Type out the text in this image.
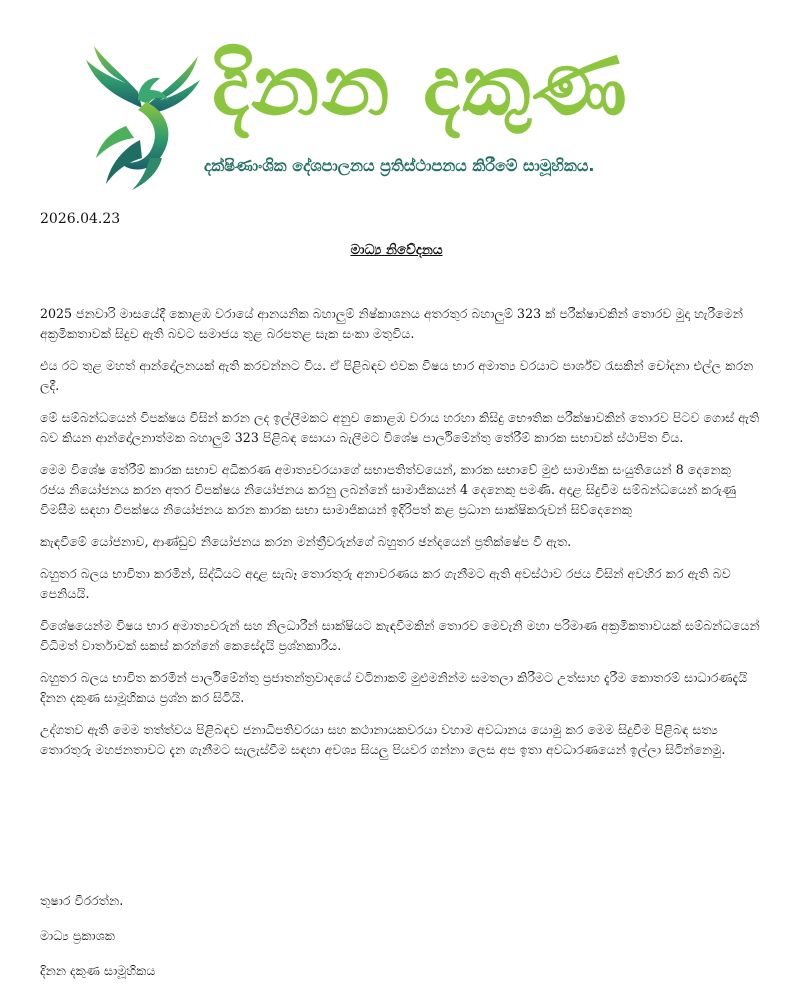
දිනන දකුණ
දක්ෂිණාංශික දේශපාලනය ප්‍රතිස්ථාපනය කිරීමේ සාමූහිකය.
2026.04.23
මාධ්‍ය නිවේදනය

2025 ජනවාරි මාසයේදී කොළඹ වරායේ ආනයනික බහාලුම් නිෂ්කාශනය අතරතුර බහාලුම් 323 ක් පරීක්ෂාවකින් තොරව මුදා හැරීමෙන් අක්‍රමිකතාවක් සිදුව ඇති බවට සමාජය තුළ බරපතළ සැක සංකා මතුවිය.

එය රට තුළ මහත් ආන්දෝලනයක් ඇති කරවන්නට විය. ඒ පිළිබඳව එවක විෂය භාර අමාත්‍ය වරයාට පාර්ශ්ව රැසකින් චෝදනා එල්ල කරන ලදී.

මේ සම්බන්ධයෙන් විපක්ෂය විසින් කරන ලද ඉල්ලීමකට අනුව කොළඹ වරාය හරහා කිසිදු භෞතික පරීක්ෂාවකින් තොරව පිටව ගොස් ඇති බව කියන ආන්දෝලනාත්මක බහාලුම් 323 පිළිබඳ සොයා බැලීමට විශේෂ පාර්ලිමේන්තු තේරීම් කාරක සභාවක් ස්ථාපිත විය.

මෙම විශේෂ තේරීම් කාරක සභාව අධිකරණ අමාත්‍යවරයාගේ සභාපතිත්වයෙන්, කාරක සභාවේ මුළු සාමාජික සංයුතියෙන් 8 දෙනෙකු රජය නියෝජනය කරන අතර විපක්ෂය නියෝජනය කරනු ලබන්නේ සාමාජිකයන් 4 දෙනෙකු පමණි. අදාළ සිදුවීම සම්බන්ධයෙන් කරුණු විමසීම සඳහා විපක්ෂය නියෝජනය කරන කාරක සභා සාමාජිකයන් ඉදිරිපත් කළ ප්‍රධාන සාක්ෂිකරුවන් සිව්දෙනෙකු

කැඳවීමේ යෝජනාව, ආණ්ඩුව නියෝජනය කරන මන්ත්‍රීවරුන්ගේ බහුතර ඡන්දයෙන් ප්‍රතික්ෂේප වී ඇත.

බහුතර බලය භාවිතා කරමින්, සිද්ධියට අදාළ සැබෑ තොරතුරු අනාවරණය කර ගැනීමට ඇති අවස්ථාව රජය විසින් අවහිර කර ඇති බව පෙනියයි.

විශේෂයෙන්ම විෂය භාර අමාත්‍යවරුන් සහ නිලධාරීන් සාක්ෂියට කැඳවීමකින් තොරව මෙවැනි මහා පරිමාණ අක්‍රමිකතාවයක් සම්බන්ධයෙන් විධිමත් වාර්තාවක් සකස් කරන්නේ කෙසේදැයි ප්‍රශ්නකාරීය.

බහුතර බලය භාවිත කරමින් පාර්ලිමේන්තු ප්‍රජාතන්ත්‍රවාදයේ වටිනාකම් මුළුමනින්ම සමතලා කිරීමට උත්සාහ දැරීම කොතරම් සාධාරණදැයි දිනන දකුණ සාමූහිකය ප්‍රශ්න කර සිටියි.

උද්ගතව ඇති මෙම තත්ත්වය පිළිබඳව ජනාධිපතිවරයා සහ කථානායකවරයා වහාම අවධානය යොමු කර මෙම සිදුවීම පිළිබඳ සත්‍ය තොරතුරු මහජනතාවට දැන ගැනීමට සැලැස්වීම සඳහා අවශ්‍ය සියලු පියවර ගන්නා ලෙස අප ඉතා අවධාරණයෙන් ඉල්ලා සිටින්නෙමු.

තුෂාර වීරරත්න.
මාධ්‍ය ප්‍රකාශක
දිනන දකුණ සාමූහිකය
